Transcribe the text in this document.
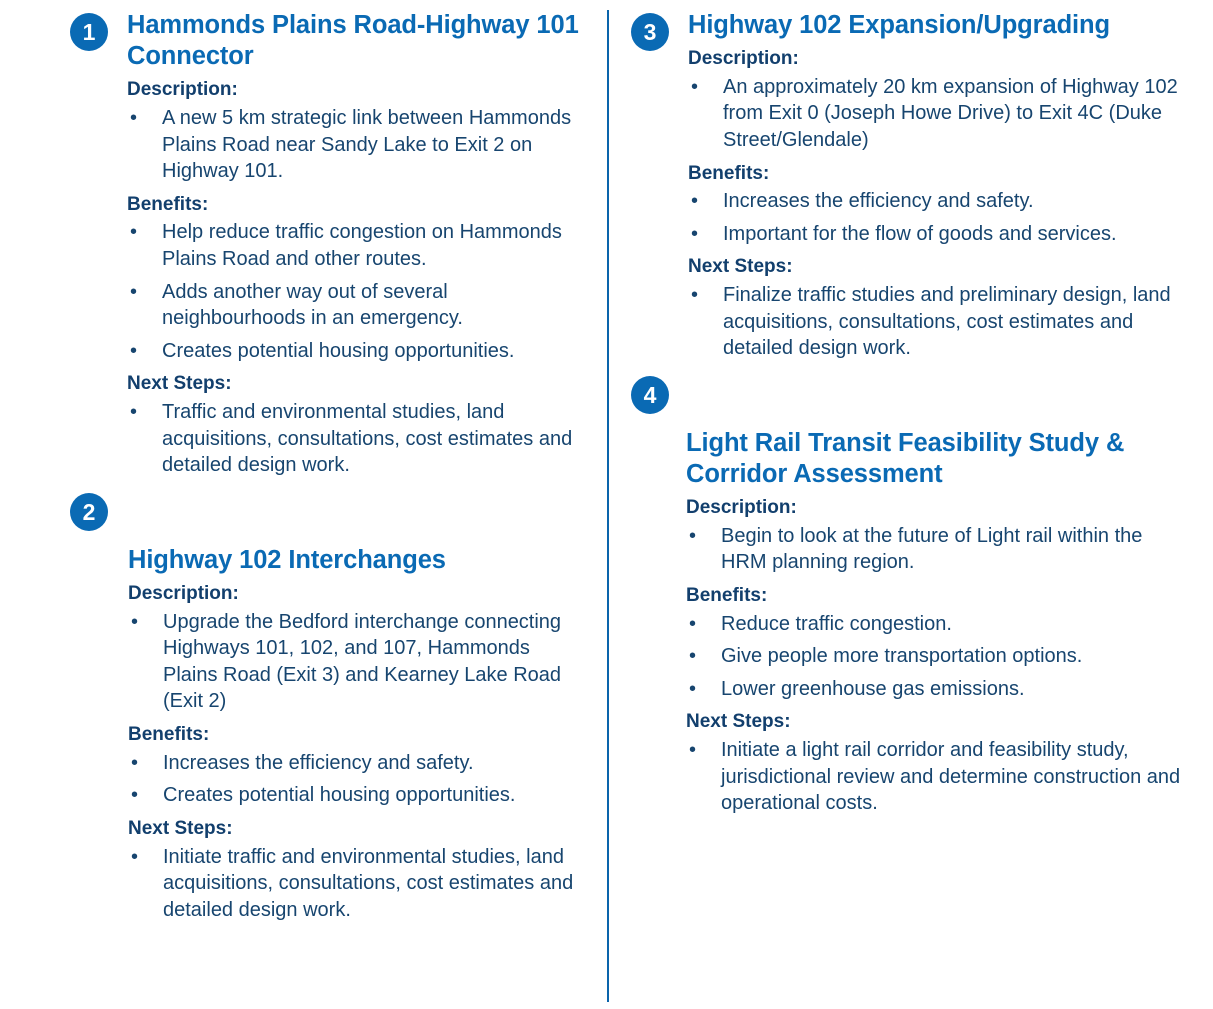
1	Hammonds Plains Road-Highway 101 Connector
Description:
• A new 5 km strategic link between Hammonds Plains Road near Sandy Lake to Exit 2 on Highway 101.
Benefits:
• Help reduce traffic congestion on Hammonds Plains Road and other routes.
• Adds another way out of several neighbourhoods in an emergency.
• Creates potential housing opportunities.
Next Steps:
• Traffic and environmental studies, land acquisitions, consultations, cost estimates and detailed design work.
2
Highway 102 Interchanges
Description:
• Upgrade the Bedford interchange connecting Highways 101, 102, and 107, Hammonds Plains Road (Exit 3) and Kearney Lake Road (Exit 2)
Benefits:
• Increases the efficiency and safety.
• Creates potential housing opportunities.
Next Steps:
• Initiate traffic and environmental studies, land acquisitions, consultations, cost estimates and detailed design work.
3	Highway 102 Expansion/Upgrading
Description:
• An approximately 20 km expansion of Highway 102 from Exit 0 (Joseph Howe Drive) to Exit 4C (Duke Street/Glendale)
Benefits:
• Increases the efficiency and safety.
• Important for the flow of goods and services.
Next Steps:
• Finalize traffic studies and preliminary design, land acquisitions, consultations, cost estimates and detailed design work.
4
Light Rail Transit Feasibility Study & Corridor Assessment
Description:
• Begin to look at the future of Light rail within the HRM planning region.
Benefits:
• Reduce traffic congestion.
• Give people more transportation options.
• Lower greenhouse gas emissions.
Next Steps:
• Initiate a light rail corridor and feasibility study, jurisdictional review and determine construction and operational costs.
